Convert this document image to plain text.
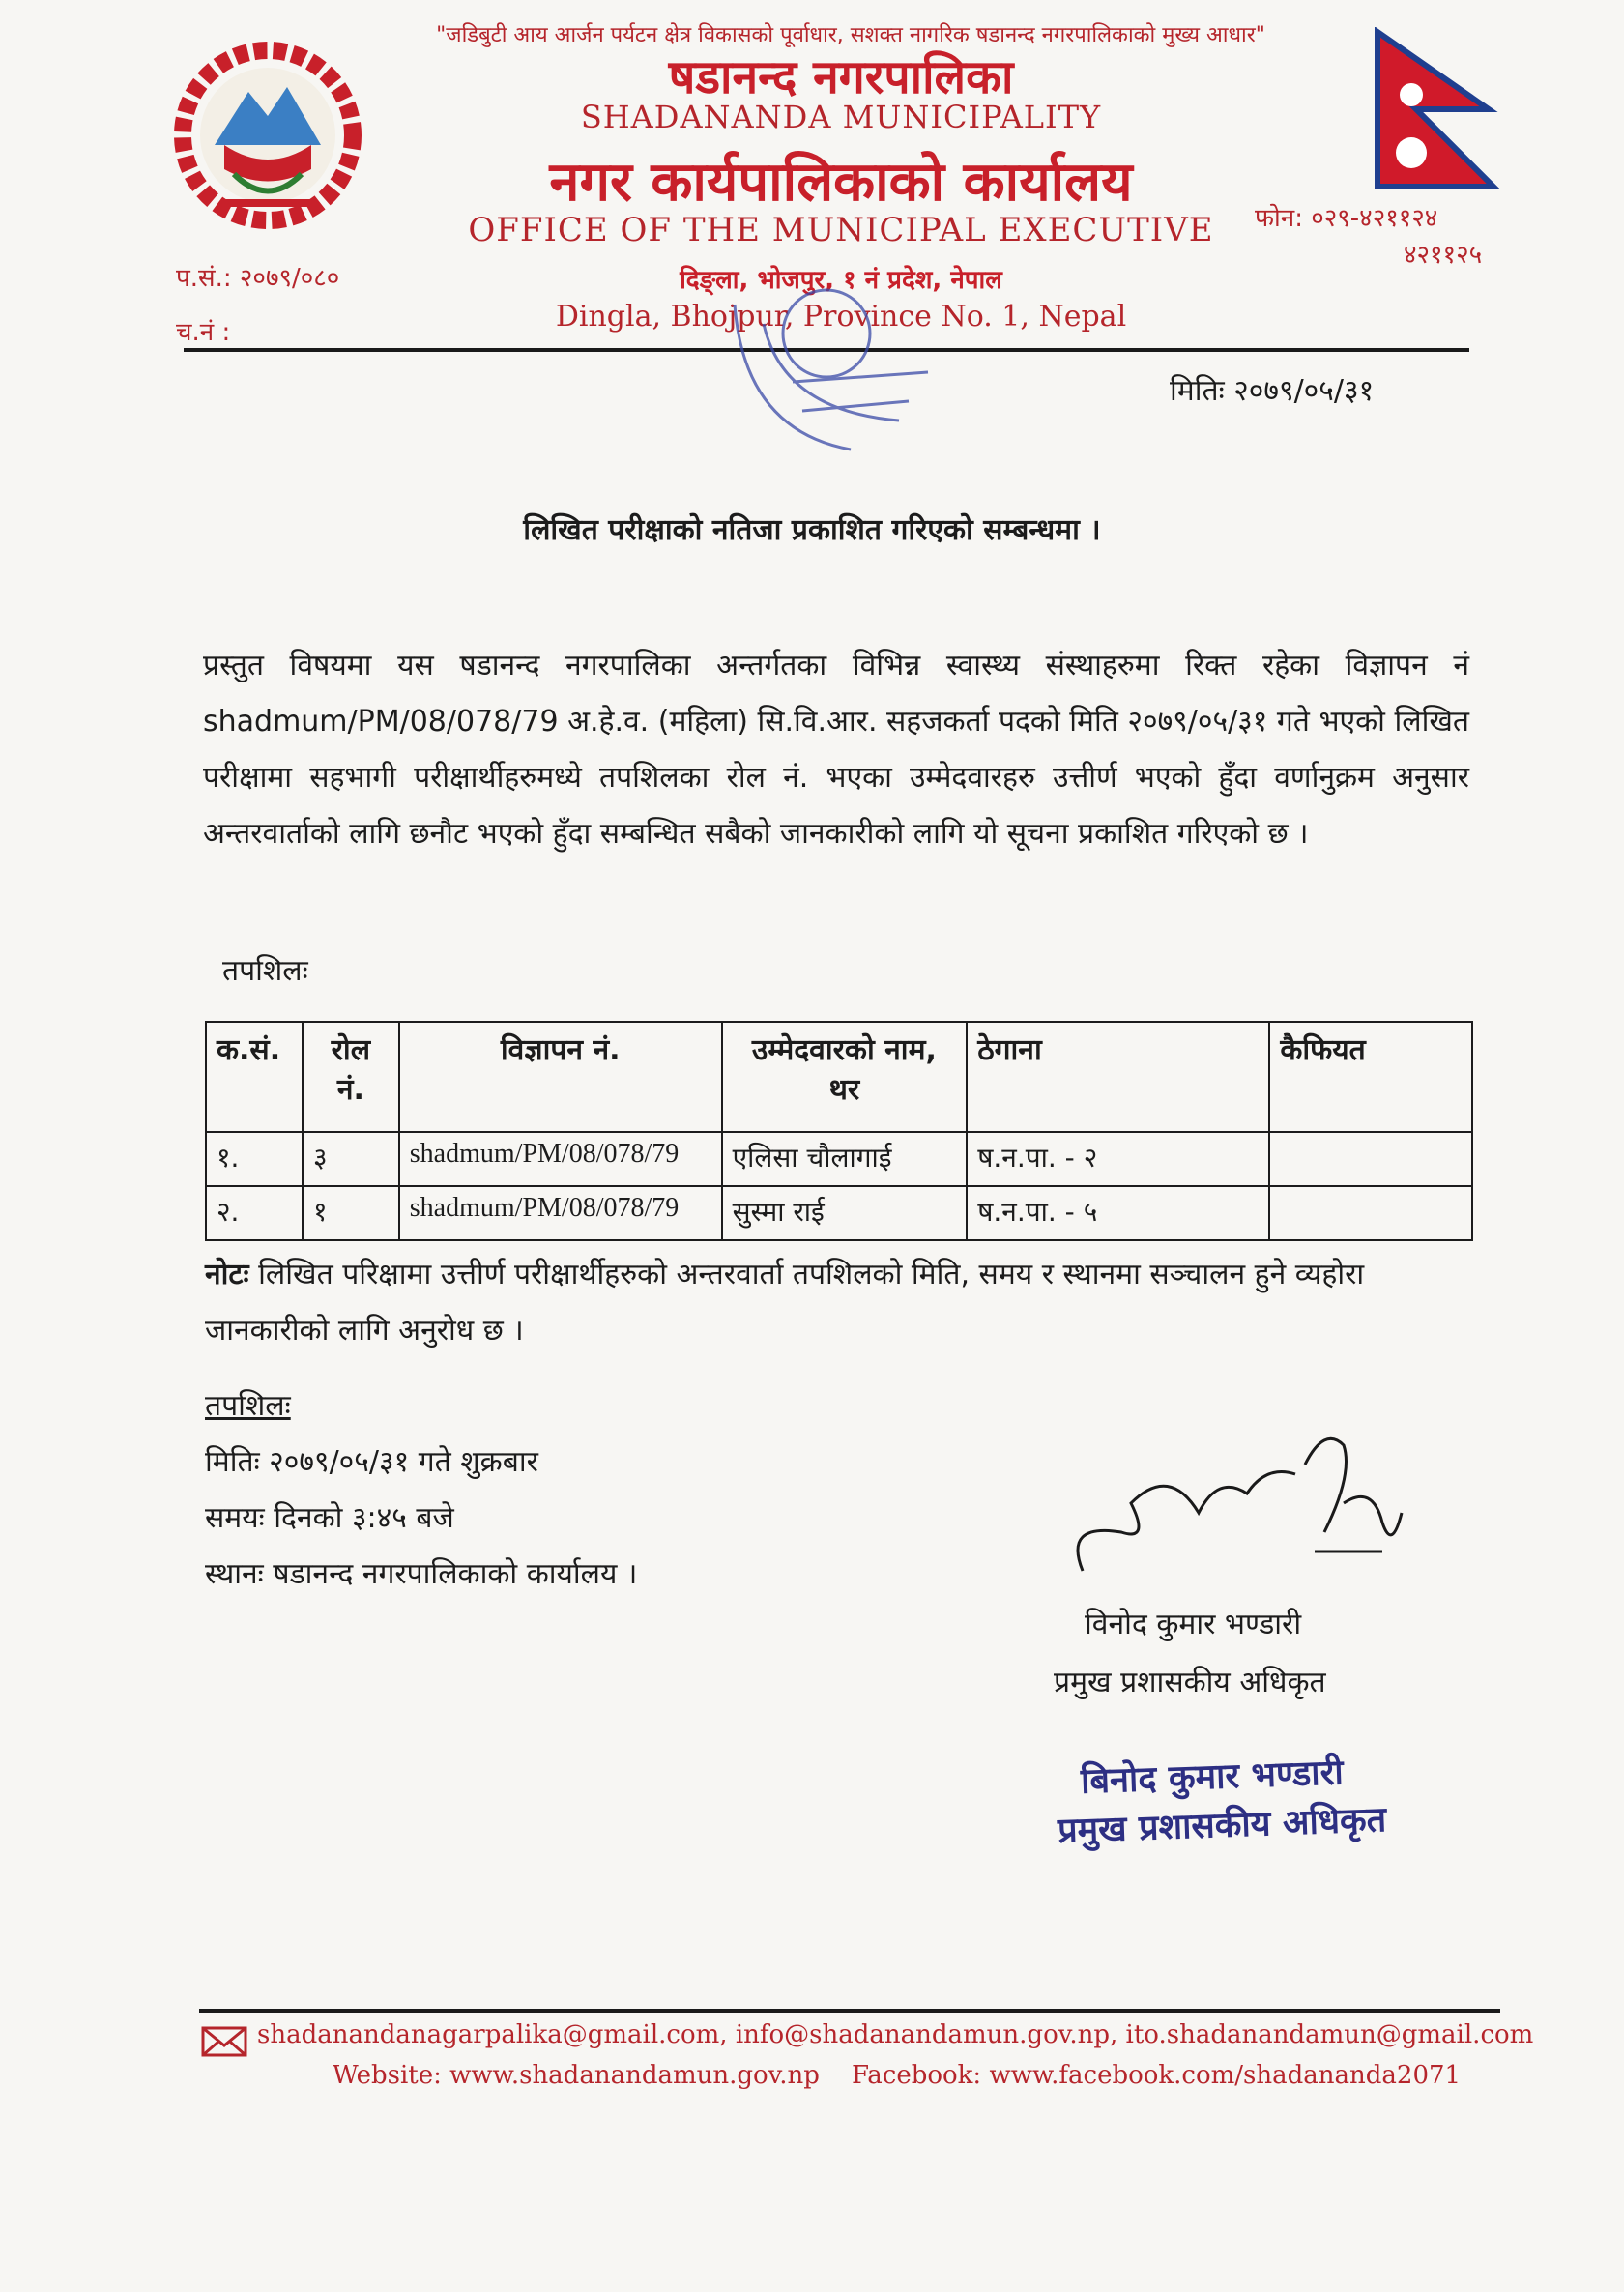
"जडिबुटी आय आर्जन पर्यटन क्षेत्र विकासको पूर्वाधार, सशक्त नागरिक षडानन्द नगरपालिकाको मुख्य आधार"
षडानन्द नगरपालिका
SHADANANDA MUNICIPALITY
नगर कार्यपालिकाको कार्यालय
OFFICE OF THE MUNICIPAL EXECUTIVE
दिङ्ला, भोजपुर, १ नं प्रदेश, नेपाल
Dingla, Bhojpur, Province No. 1, Nepal
फोन: ०२९-४२११२४
४२११२५
प.सं.: २०७९/०८०
च.नं :
मितिः २०७९/०५/३१
लिखित परीक्षाको नतिजा प्रकाशित गरिएको सम्बन्धमा ।
प्रस्तुत विषयमा यस षडानन्द नगरपालिका अन्तर्गतका विभिन्न स्वास्थ्य संस्थाहरुमा रिक्त रहेका विज्ञापन नं shadmum/PM/08/078/79 अ.हे.व. (महिला) सि.वि.आर. सहजकर्ता पदको मिति २०७९/०५/३१ गते भएको लिखित परीक्षामा सहभागी परीक्षार्थीहरुमध्ये तपशिलका रोल नं. भएका उम्मेदवारहरु उत्तीर्ण भएको हुँदा वर्णानुक्रम अनुसार अन्तरवार्ताको लागि छनौट भएको हुँदा सम्बन्धित सबैको जानकारीको लागि यो सूचना प्रकाशित गरिएको छ ।
तपशिलः
क.सं.	रोल नं.	विज्ञापन नं.	उम्मेदवारको नाम, थर	ठेगाना	कैफियत
१.	३	shadmum/PM/08/078/79	एलिसा चौलागाई	ष.न.पा. - २	
२.	१	shadmum/PM/08/078/79	सुस्मा राई	ष.न.पा. - ५	
नोटः लिखित परिक्षामा उत्तीर्ण परीक्षार्थीहरुको अन्तरवार्ता तपशिलको मिति, समय र स्थानमा सञ्चालन हुने व्यहोरा जानकारीको लागि अनुरोध छ ।
तपशिलः
मितिः २०७९/०५/३१ गते शुक्रबार
समयः दिनको ३:४५ बजे
स्थानः षडानन्द नगरपालिकाको कार्यालय ।
विनोद कुमार भण्डारी
प्रमुख प्रशासकीय अधिकृत
बिनोद कुमार भण्डारी
प्रमुख प्रशासकीय अधिकृत
shadanandanagarpalika@gmail.com, info@shadanandamun.gov.np, ito.shadanandamun@gmail.com
Website: www.shadanandamun.gov.np    Facebook: www.facebook.com/shadananda2071
